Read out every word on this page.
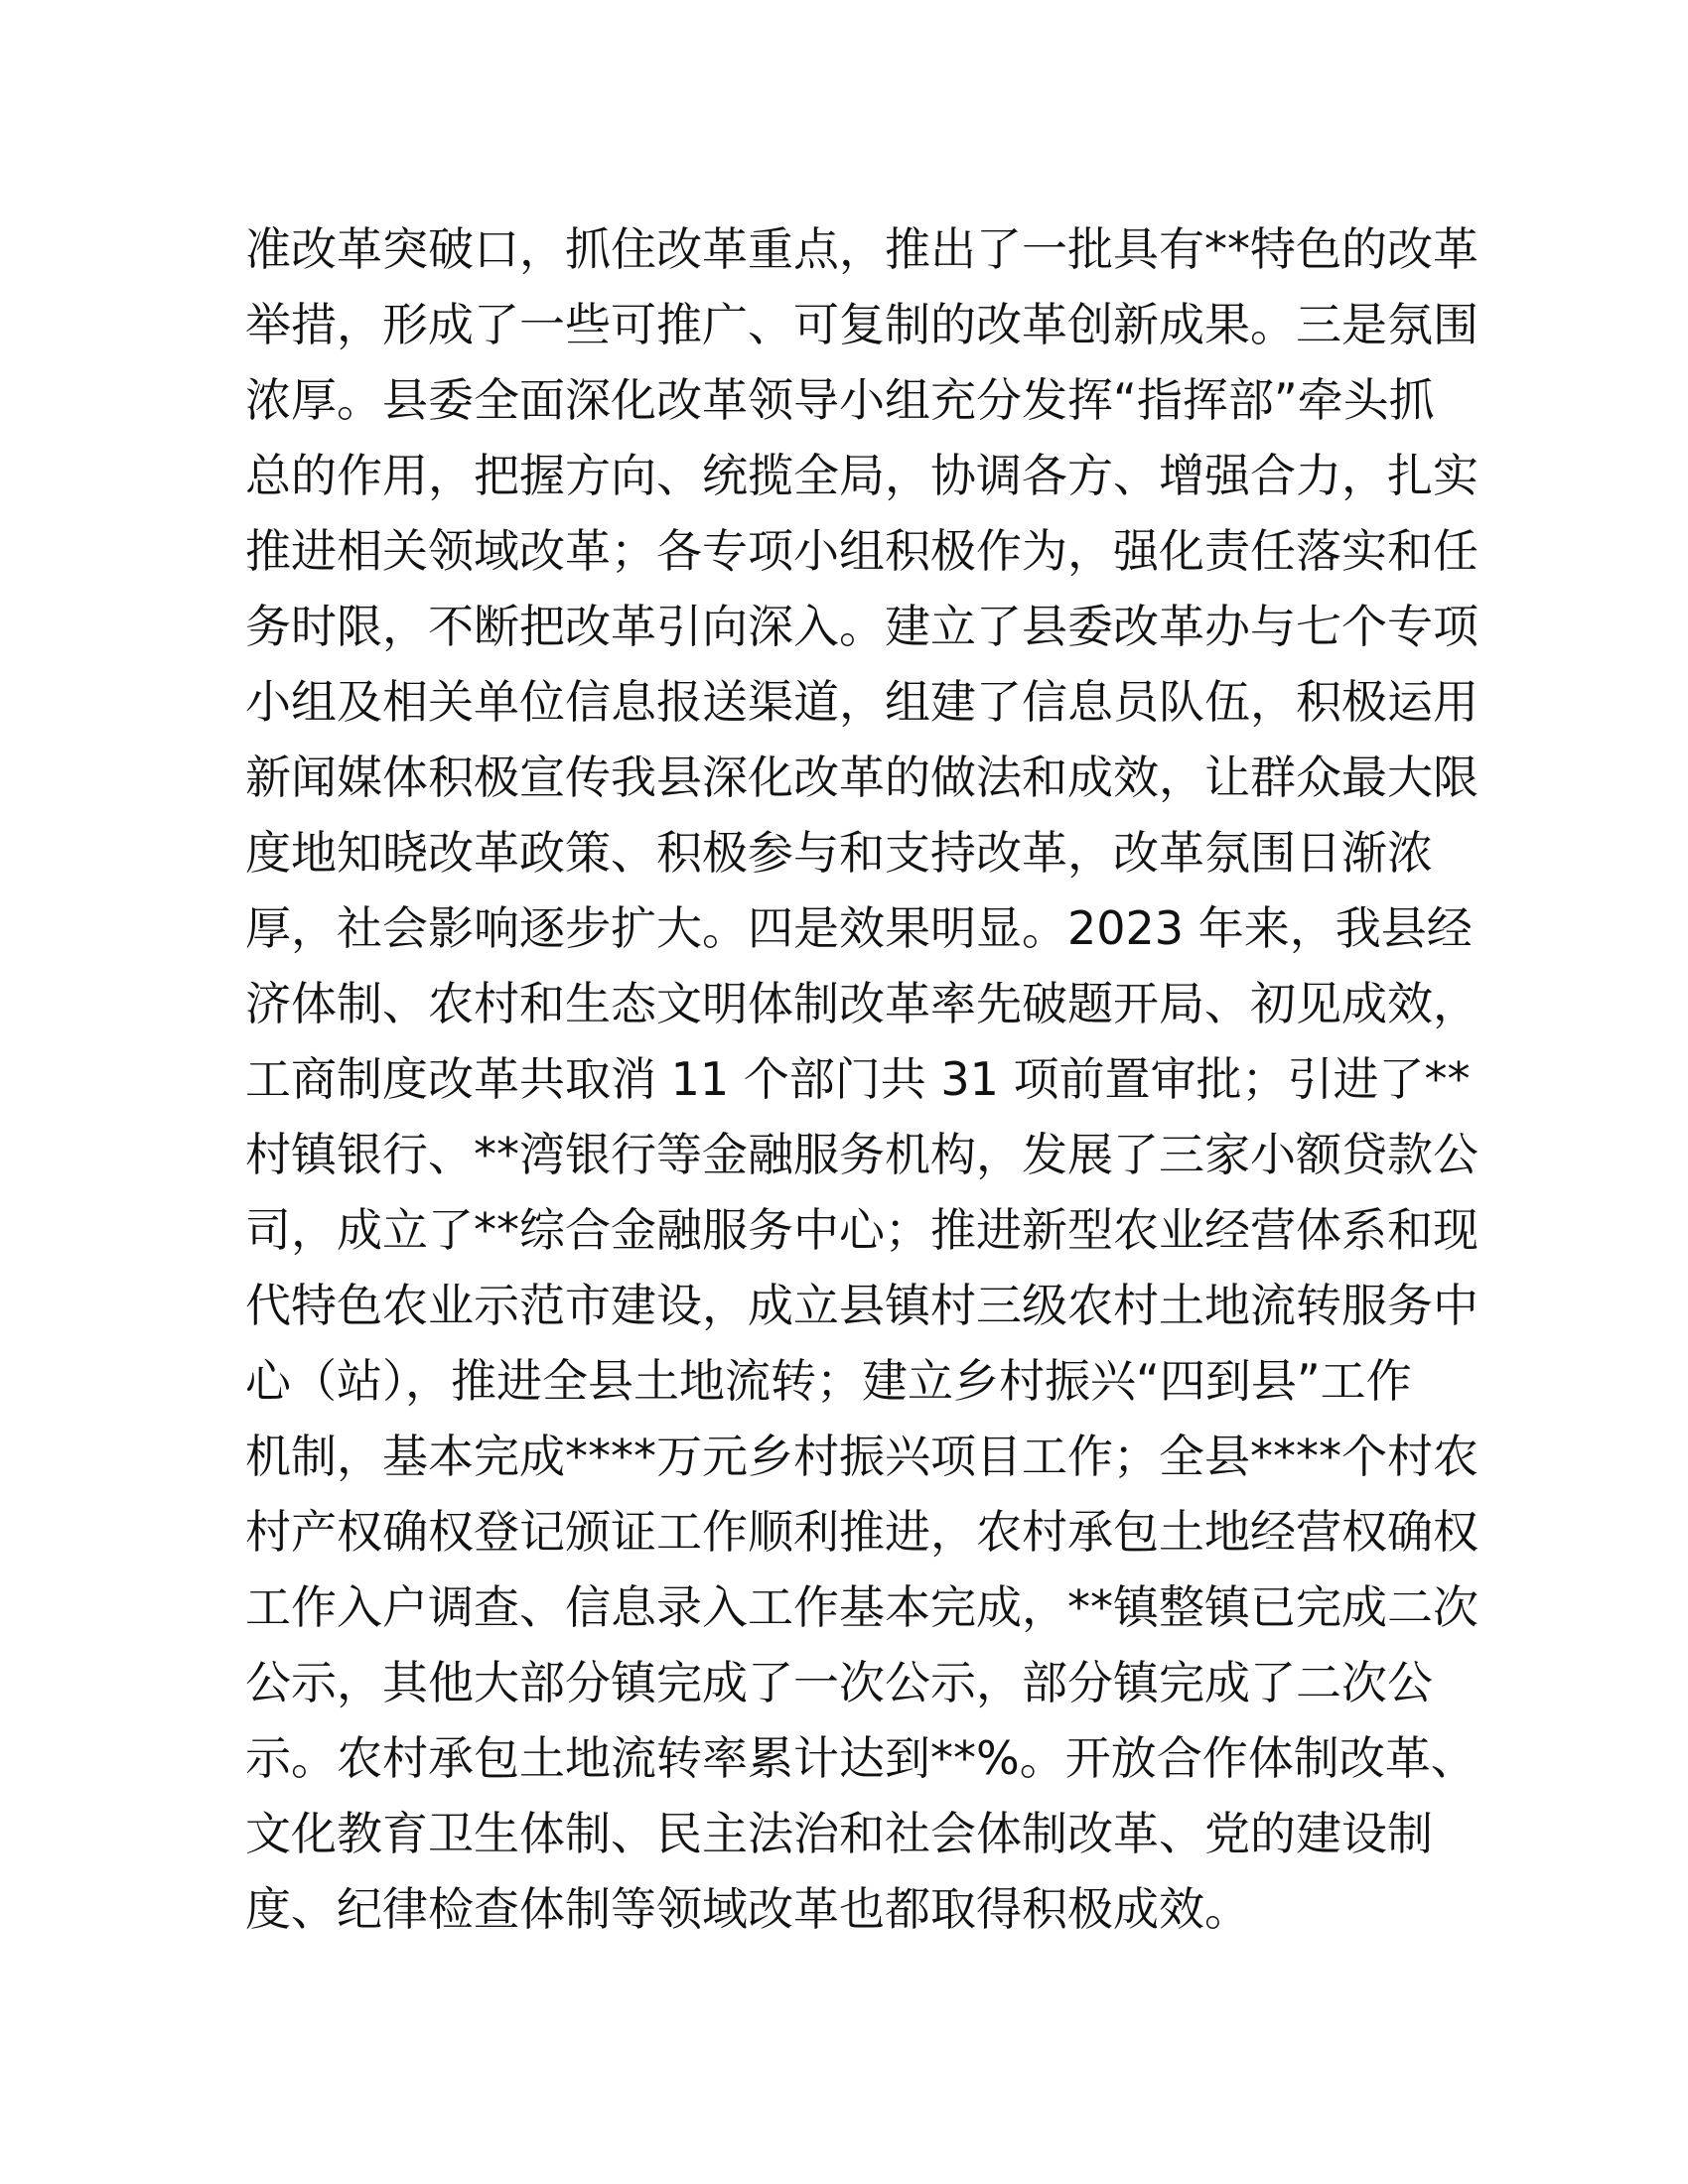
准改革突破口，抓住改革重点，推出了一批具有**特色的改革
举措，形成了一些可推广、可复制的改革创新成果。三是氛围
浓厚。县委全面深化改革领导小组充分发挥“指挥部”牵头抓
总的作用，把握方向、统揽全局，协调各方、增强合力，扎实
推进相关领域改革；各专项小组积极作为，强化责任落实和任
务时限，不断把改革引向深入。建立了县委改革办与七个专项
小组及相关单位信息报送渠道，组建了信息员队伍，积极运用
新闻媒体积极宣传我县深化改革的做法和成效，让群众最大限
度地知晓改革政策、积极参与和支持改革，改革氛围日渐浓
厚，社会影响逐步扩大。四是效果明显。2023 年来，我县经
济体制、农村和生态文明体制改革率先破题开局、初见成效，
工商制度改革共取消 11 个部门共 31 项前置审批；引进了**
村镇银行、**湾银行等金融服务机构，发展了三家小额贷款公
司，成立了**综合金融服务中心；推进新型农业经营体系和现
代特色农业示范市建设，成立县镇村三级农村土地流转服务中
心（站），推进全县土地流转；建立乡村振兴“四到县”工作
机制，基本完成****万元乡村振兴项目工作；全县****个村农
村产权确权登记颁证工作顺利推进，农村承包土地经营权确权
工作入户调查、信息录入工作基本完成，**镇整镇已完成二次
公示，其他大部分镇完成了一次公示，部分镇完成了二次公
示。农村承包土地流转率累计达到**%。开放合作体制改革、
文化教育卫生体制、民主法治和社会体制改革、党的建设制
度、纪律检查体制等领域改革也都取得积极成效。
